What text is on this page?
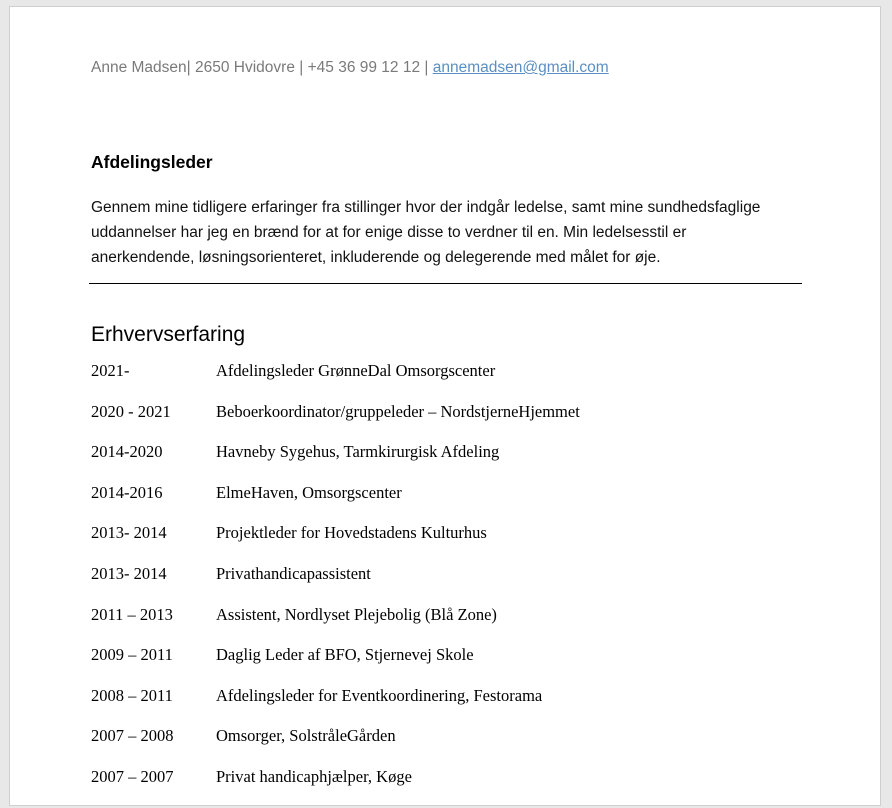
Anne Madsen| 2650 Hvidovre | +45 36 99 12 12 | annemadsen@gmail.com
Afdelingsleder
Gennem mine tidligere erfaringer fra stillinger hvor der indgår ledelse, samt mine sundhedsfaglige
uddannelser har jeg en brænd for at for enige disse to verdner til en. Min ledelsesstil er
anerkendende, løsningsorienteret, inkluderende og delegerende med målet for øje.
Erhvervserfaring
2021-	Afdelingsleder GrønneDal Omsorgscenter
2020 - 2021	Beboerkoordinator/gruppeleder – NordstjerneHjemmet
2014-2020	Havneby Sygehus, Tarmkirurgisk Afdeling
2014-2016	ElmeHaven, Omsorgscenter
2013- 2014	Projektleder for Hovedstadens Kulturhus
2013- 2014	Privathandicapassistent
2011 – 2013	Assistent, Nordlyset Plejebolig (Blå Zone)
2009 – 2011	Daglig Leder af BFO, Stjernevej Skole
2008 – 2011	Afdelingsleder for Eventkoordinering, Festorama
2007 – 2008	Omsorger, SolstråleGården
2007 – 2007	Privat handicaphjælper, Køge
